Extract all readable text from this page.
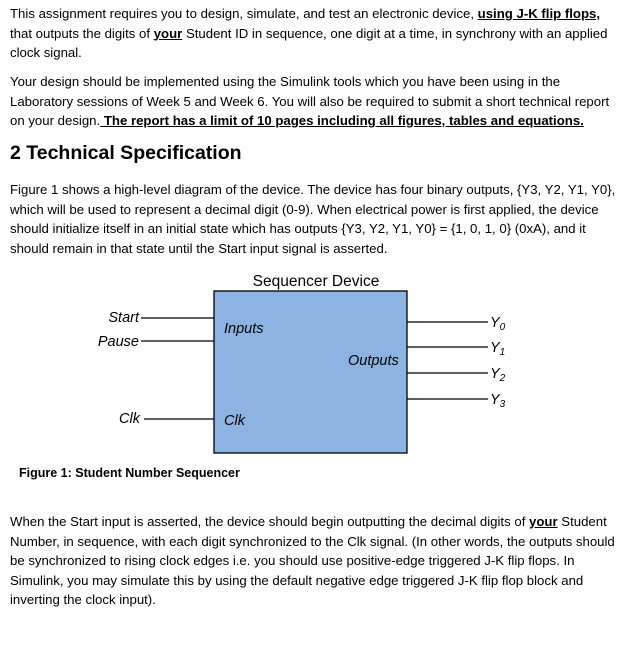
This assignment requires you to design, simulate, and test an electronic device, using J-K flip flops, that outputs the digits of your Student ID in sequence, one digit at a time, in synchrony with an applied clock signal.

Your design should be implemented using the Simulink tools which you have been using in the Laboratory sessions of Week 5 and Week 6. You will also be required to submit a short technical report on your design. The report has a limit of 10 pages including all figures, tables and equations.

2 Technical Specification

Figure 1 shows a high-level diagram of the device. The device has four binary outputs, {Y3, Y2, Y1, Y0}, which will be used to represent a decimal digit (0-9). When electrical power is first applied, the device should initialize itself in an initial state which has outputs {Y3, Y2, Y1, Y0} = {1, 0, 1, 0} (0xA), and it should remain in that state until the Start input signal is asserted.

Sequencer Device
Inputs
Outputs
Clk
Start
Pause
Clk
$Y_0$
$Y_1$
$Y_2$
$Y_3$

Figure 1: Student Number Sequencer

When the Start input is asserted, the device should begin outputting the decimal digits of your Student Number, in sequence, with each digit synchronized to the Clk signal. (In other words, the outputs should be synchronized to rising clock edges i.e. you should use positive-edge triggered J-K flip flops. In Simulink, you may simulate this by using the default negative edge triggered J-K flip flop block and inverting the clock input).
